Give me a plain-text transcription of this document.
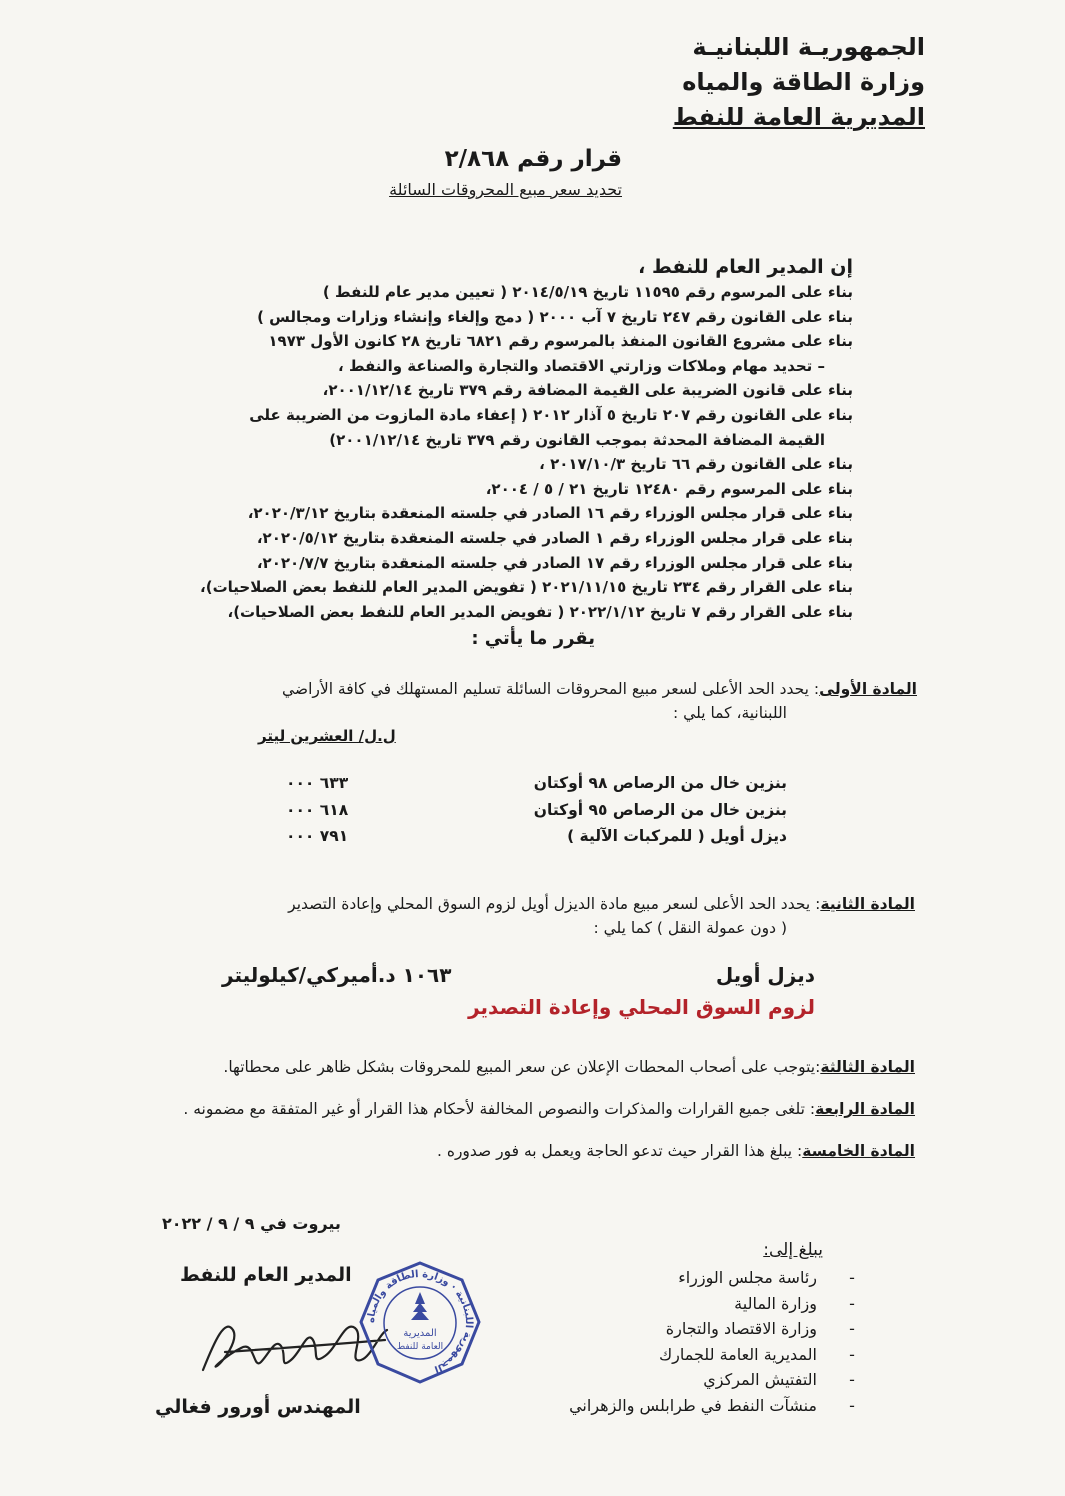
الجمهوريـة اللبنانيـة
وزارة الطاقة والمياه
المديرية العامة للنفط
قرار رقم ٢/٨٦٨
تحديد سعر مبيع المحروقات السائلة
إن المدير العام للنفط ،
بناء على المرسوم رقم ١١٥٩٥ تاريخ ٢٠١٤/٥/١٩ ( تعيين مدير عام للنفط )
بناء على القانون رقم ٢٤٧ تاريخ ٧ آب ٢٠٠٠ ( دمج وإلغاء وإنشاء وزارات ومجالس )
بناء على مشروع القانون المنفذ بالمرسوم رقم ٦٨٢١ تاريخ ٢٨ كانون الأول ١٩٧٣
– تحديد مهام وملاكات وزارتي الاقتصاد والتجارة والصناعة والنفط ،
بناء على قانون الضريبة على القيمة المضافة رقم ٣٧٩ تاريخ ٢٠٠١/١٢/١٤،
بناء على القانون رقم ٢٠٧ تاريخ ٥ آذار ٢٠١٢ ( إعفاء مادة المازوت من الضريبة على
القيمة المضافة المحدثة بموجب القانون رقم ٣٧٩ تاريخ ٢٠٠١/١٢/١٤)
بناء على القانون رقم ٦٦ تاريخ ٢٠١٧/١٠/٣ ،
بناء على المرسوم رقم ١٢٤٨٠ تاريخ ٢١ / ٥ / ٢٠٠٤،
بناء على قرار مجلس الوزراء رقم ١٦ الصادر في جلسته المنعقدة بتاريخ ٢٠٢٠/٣/١٢،
بناء على قرار مجلس الوزراء رقم ١ الصادر في جلسته المنعقدة بتاريخ ٢٠٢٠/٥/١٢،
بناء على قرار مجلس الوزراء رقم ١٧ الصادر في جلسته المنعقدة بتاريخ ٢٠٢٠/٧/٧،
بناء على القرار رقم ٢٣٤ تاريخ ٢٠٢١/١١/١٥ ( تفويض المدير العام للنفط بعض الصلاحيات)،
بناء على القرار رقم ٧ تاريخ ٢٠٢٢/١/١٢ ( تفويض المدير العام للنفط بعض الصلاحيات)،
يقرر ما يأتي :
المادة الأولى: يحدد الحد الأعلى لسعر مبيع المحروقات السائلة تسليم المستهلك في كافة الأراضي
اللبنانية، كما يلي :
ل.ل/ العشرين ليتر
بنزين خال من الرصاص ٩٨ أوكتان
٦٣٣ ٠٠٠
بنزين خال من الرصاص ٩٥ أوكتان
٦١٨ ٠٠٠
ديزل أويل ( للمركبات الآلية )
٧٩١ ٠٠٠
المادة الثانية: يحدد الحد الأعلى لسعر مبيع مادة الديزل أويل لزوم السوق المحلي وإعادة التصدير
( دون عمولة النقل ) كما يلي :
ديزل أويل
١٠٦٣ د.أميركي/كيلوليتر
لزوم السوق المحلي وإعادة التصدير
المادة الثالثة:يتوجب على أصحاب المحطات الإعلان عن سعر المبيع للمحروقات بشكل ظاهر على محطاتها.
المادة الرابعة: تلغى جميع القرارات والمذكرات والنصوص المخالفة لأحكام هذا القرار أو غير المتفقة مع مضمونه .
المادة الخامسة: يبلغ هذا القرار حيث تدعو الحاجة ويعمل به فور صدوره .
بيروت في ٩ / ٩ / ٢٠٢٢
المدير العام للنفط
الجمهورية اللبنانية · وزارة الطاقة والمياه
المديرية
العامة للنفط
المهندس أورور فغالي
يبلغ إلى:
-
رئاسة مجلس الوزراء
-
وزارة المالية
-
وزارة الاقتصاد والتجارة
-
المديرية العامة للجمارك
-
التفتيش المركزي
-
منشآت النفط في طرابلس والزهراني
